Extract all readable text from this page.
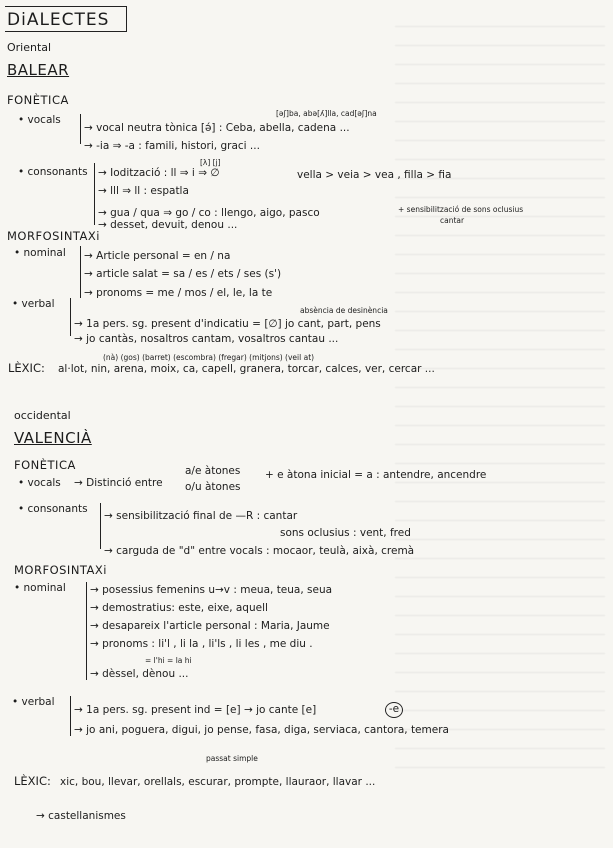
DiALECTES
Oriental
BALEAR
FONÈTICA
[əʃ]ba, abə[ʎ]lla, cad[əʃ]na
• vocals
→ vocal neutra tònica [ə́] : Ceba, abella, cadena ...
→ -ia ⇒ -a : famili, histori, graci ...
[λ] [j]
• consonants → Iodització : ll ⇒ i ⇒ ∅	vella > veia > vea , filla > fia
→ lll ⇒ ll : espatla
→ gua / qua ⇒ go / co : llengo, aigo, pasco	+ sensibilització de sons oclusius
cantar
→ desset, devuit, denou ...
MORFOSINTAXi
• nominal → Article personal = en / na
→ article salat = sa / es / ets / ses (s')
→ pronoms = me / mos / el, le, la te
absència de desinència
• verbal
→ 1a pers. sg. present d'indicatiu = [∅] jo cant, part, pens
→ jo cantàs, nosaltros cantam, vosaltros cantau ...
(nà) (gos) (barret) (escombra) (fregar) (mitjons) (veil at)
LÈXIC: al·lot, nin, arena, moix, ca, capell, granera, torcar, calces, ver, cercar ...
occidental
VALENCIÀ
FONÈTICA
• vocals → Distinció entre
a/e àtones
o/u àtones
+ e àtona inicial = a : antendre, ancendre
• consonants
→ sensibilització final de —R : cantar
sons oclusius : vent, fred
→ carguda de "d" entre vocals : mocaor, teulà, aixà, cremà
MORFOSINTAXi
• nominal → posessius femenins u→v : meua, teua, seua
→ demostratius: este, eixe, aquell
→ desapareix l'article personal : Maria, Jaume
→ pronoms : li'l , li la , li'ls , li les , me diu .
= l'hi = la hi
→ dèssel, dènou ...
• verbal
→ 1a pers. sg. present ind = [e] → jo cante [e]	-e
→ jo ani, poguera, digui, jo pense, fasa, diga, serviaca, cantora, temera
passat simple
LÈXIC: xic, bou, llevar, orellals, escurar, prompte, llauraor, llavar ...
→ castellanismes
